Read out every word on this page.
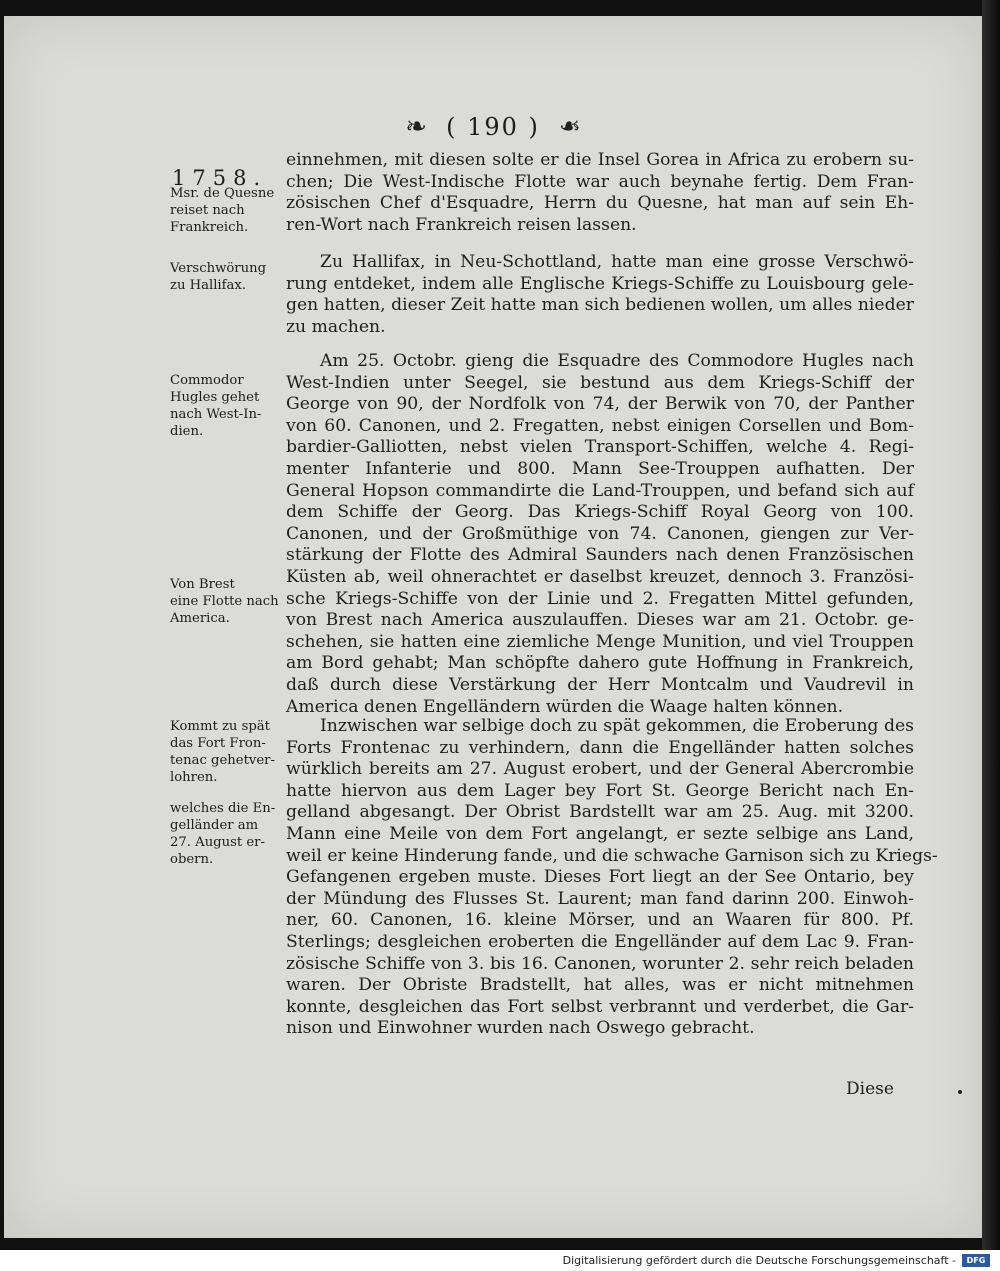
❧ ( 190 ) ❧
1758.
Msr. de Quesne
reiset nach
Frankreich.
Verschwörung
zu Hallifax.
Commodor
Hugles gehet
nach West-In-
dien.
Von Brest
eine Flotte nach
America.
Kommt zu spät
das Fort Fron-
tenac gehetver-
lohren.
welches die En-
gelländer am
27. August er-
obern.
einnehmen, mit diesen solte er die Insel Gorea in Africa zu erobern su-
chen; Die West-Indische Flotte war auch beynahe fertig. Dem Fran-
zösischen Chef d'Esquadre, Herrn du Quesne, hat man auf sein Eh-
ren-Wort nach Frankreich reisen lassen.
Zu Hallifax, in Neu-Schottland, hatte man eine grosse Verschwö-
rung entdeket, indem alle Englische Kriegs-Schiffe zu Louisbourg gele-
gen hatten, dieser Zeit hatte man sich bedienen wollen, um alles nieder
zu machen.
Am 25. Octobr. gieng die Esquadre des Commodore Hugles nach
West-Indien unter Seegel, sie bestund aus dem Kriegs-Schiff der
George von 90, der Nordfolk von 74, der Berwik von 70, der Panther
von 60. Canonen, und 2. Fregatten, nebst einigen Corsellen und Bom-
bardier-Galliotten, nebst vielen Transport-Schiffen, welche 4. Regi-
menter Infanterie und 800. Mann See-Trouppen aufhatten. Der
General Hopson commandirte die Land-Trouppen, und befand sich auf
dem Schiffe der Georg. Das Kriegs-Schiff Royal Georg von 100.
Canonen, und der Großmüthige von 74. Canonen, giengen zur Ver-
stärkung der Flotte des Admiral Saunders nach denen Französischen
Küsten ab, weil ohnerachtet er daselbst kreuzet, dennoch 3. Französi-
sche Kriegs-Schiffe von der Linie und 2. Fregatten Mittel gefunden,
von Brest nach America auszulauffen. Dieses war am 21. Octobr. ge-
schehen, sie hatten eine ziemliche Menge Munition, und viel Trouppen
am Bord gehabt; Man schöpfte dahero gute Hoffnung in Frankreich,
daß durch diese Verstärkung der Herr Montcalm und Vaudrevil in
America denen Engelländern würden die Waage halten können.
Inzwischen war selbige doch zu spät gekommen, die Eroberung des
Forts Frontenac zu verhindern, dann die Engelländer hatten solches
würklich bereits am 27. August erobert, und der General Abercrombie
hatte hiervon aus dem Lager bey Fort St. George Bericht nach En-
gelland abgesangt. Der Obrist Bardstellt war am 25. Aug. mit 3200.
Mann eine Meile von dem Fort angelangt, er sezte selbige ans Land,
weil er keine Hinderung fande, und die schwache Garnison sich zu Kriegs-
Gefangenen ergeben muste. Dieses Fort liegt an der See Ontario, bey
der Mündung des Flusses St. Laurent; man fand darinn 200. Einwoh-
ner, 60. Canonen, 16. kleine Mörser, und an Waaren für 800. Pf.
Sterlings; desgleichen eroberten die Engelländer auf dem Lac 9. Fran-
zösische Schiffe von 3. bis 16. Canonen, worunter 2. sehr reich beladen
waren. Der Obriste Bradstellt, hat alles, was er nicht mitnehmen
konnte, desgleichen das Fort selbst verbrannt und verderbet, die Gar-
nison und Einwohner wurden nach Oswego gebracht.
Diese
Digitalisierung gefördert durch die Deutsche Forschungsgemeinschaft -	DFG
